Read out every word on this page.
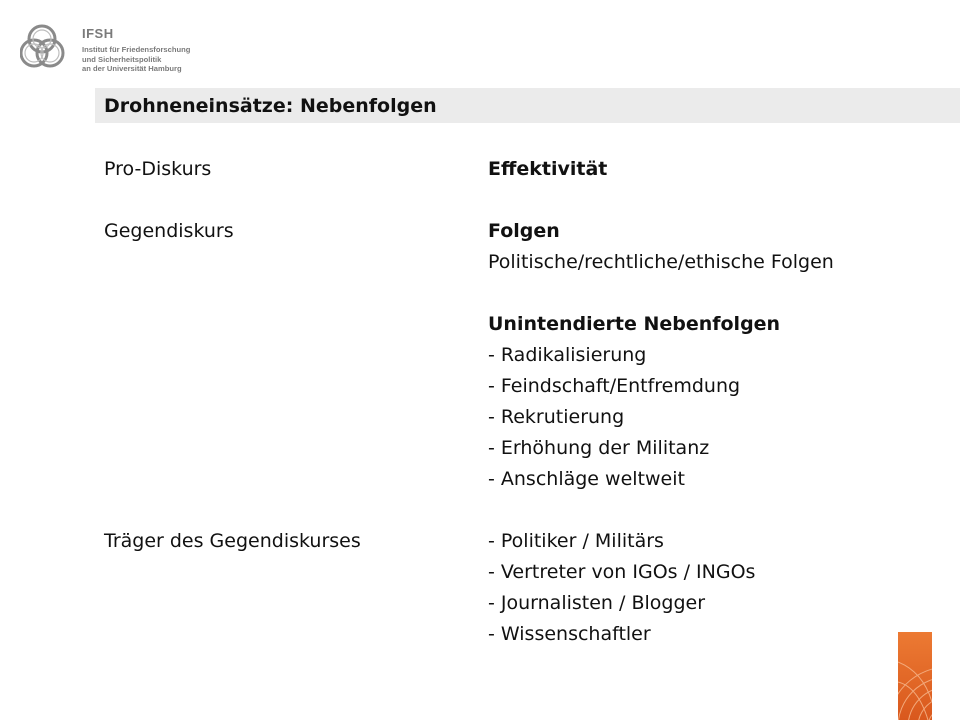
IFSH
Institut für Friedensforschung
und Sicherheitspolitik
an der Universität Hamburg
Drohneneinsätze: Nebenfolgen
Pro-Diskurs	Effektivität
Gegendiskurs	Folgen
Politische/rechtliche/ethische Folgen
Unintendierte Nebenfolgen
- Radikalisierung
- Feindschaft/Entfremdung
- Rekrutierung
- Erhöhung der Militanz
- Anschläge weltweit
Träger des Gegendiskurses	- Politiker / Militärs
- Vertreter von IGOs / INGOs
- Journalisten / Blogger
- Wissenschaftler
